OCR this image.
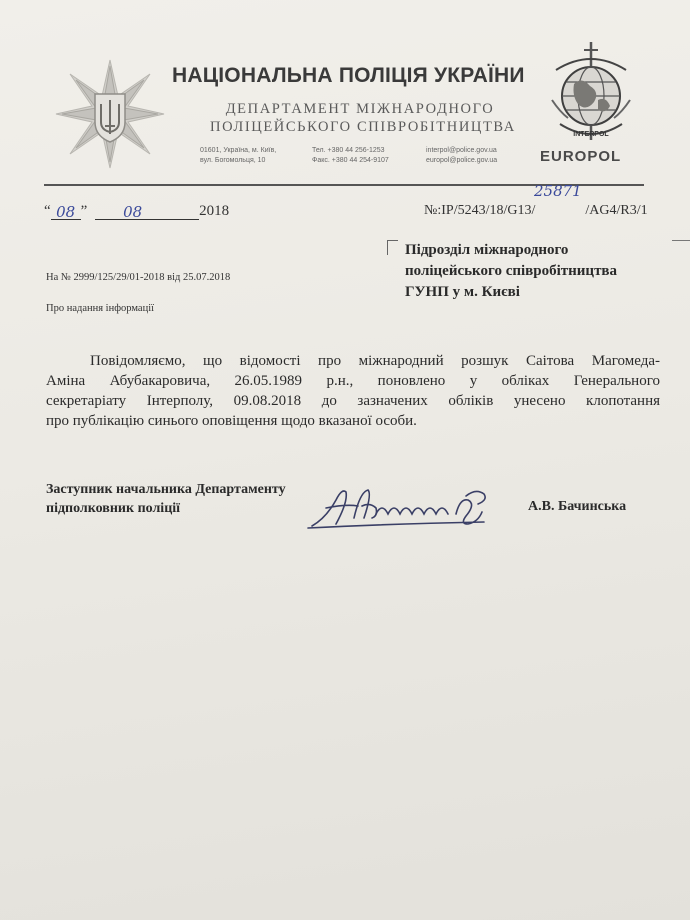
НАЦІОНАЛЬНА ПОЛІЦІЯ УКРАЇНИ
ДЕПАРТАМЕНТ МІЖНАРОДНОГО
ПОЛІЦЕЙСЬКОГО СПІВРОБІТНИЦТВА
01601, Україна, м. Київ,
вул. Богомольця, 10
Тел. +380 44 256-1253
Факс. +380 44 254-9107
interpol@police.gov.ua
europol@police.gov.ua
INTERPOL
EUROPOL
“ 08 ” 08	2018
25871
№:IP/5243/18/G13/	/AG4/R3/1
Підрозділ міжнародного
поліцейського співробітництва
ГУНП у м. Києві
На № 2999/125/29/01-2018 від 25.07.2018
Про надання інформації
Повідомляємо, що відомості про міжнародний розшук Саітова Магомеда-
Аміна Абубакаровича, 26.05.1989 р.н., поновлено у обліках Генерального
секретаріату Інтерполу, 09.08.2018 до зазначених обліків унесено клопотання
про публікацію синього оповіщення щодо вказаної особи.
Заступник начальника Департаменту
підполковник поліції	А.В. Бачинська
